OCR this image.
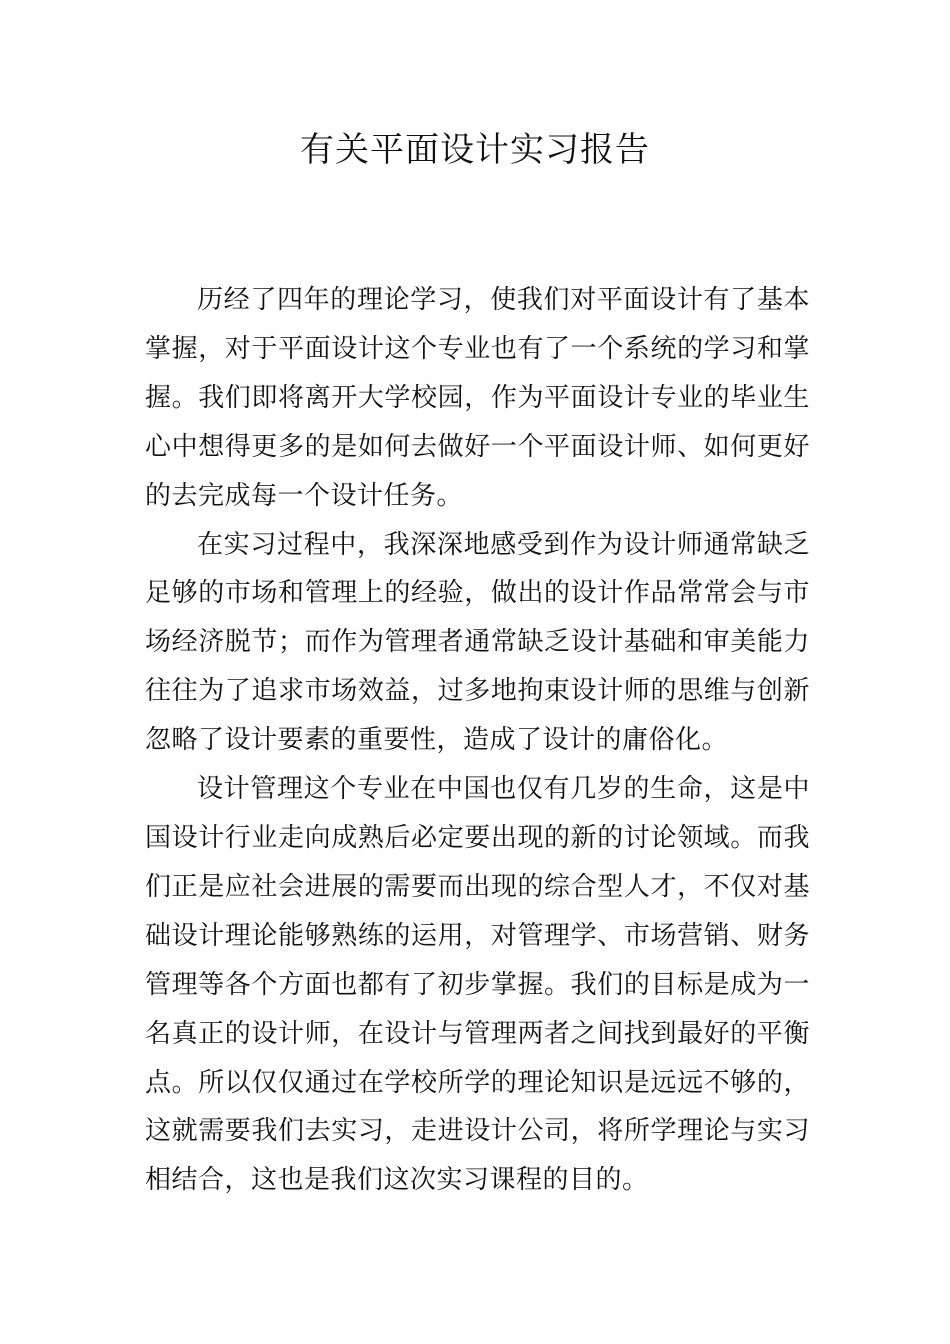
有关平面设计实习报告

历经了四年的理论学习，使我们对平面设计有了基本掌握，对于平面设计这个专业也有了一个系统的学习和掌握。我们即将离开大学校园，作为平面设计专业的毕业生心中想得更多的是如何去做好一个平面设计师、如何更好的去完成每一个设计任务。

在实习过程中，我深深地感受到作为设计师通常缺乏足够的市场和管理上的经验，做出的设计作品常常会与市场经济脱节；而作为管理者通常缺乏设计基础和审美能力往往为了追求市场效益，过多地拘束设计师的思维与创新忽略了设计要素的重要性，造成了设计的庸俗化。

设计管理这个专业在中国也仅有几岁的生命，这是中国设计行业走向成熟后必定要出现的新的讨论领域。而我们正是应社会进展的需要而出现的综合型人才，不仅对基础设计理论能够熟练的运用，对管理学、市场营销、财务管理等各个方面也都有了初步掌握。我们的目标是成为一名真正的设计师，在设计与管理两者之间找到最好的平衡点。所以仅仅通过在学校所学的理论知识是远远不够的，这就需要我们去实习，走进设计公司，将所学理论与实习相结合，这也是我们这次实习课程的目的。
